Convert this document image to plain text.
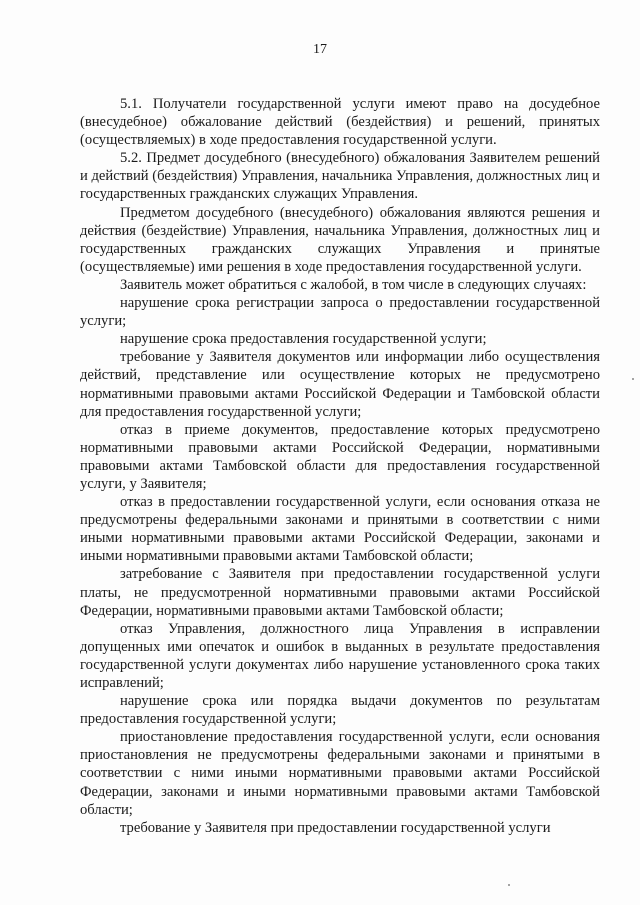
17

5.1. Получатели государственной услуги имеют право на досудебное (внесудебное) обжалование действий (бездействия) и решений, принятых (осуществляемых) в ходе предоставления государственной услуги.

5.2. Предмет досудебного (внесудебного) обжалования Заявителем решений и действий (бездействия) Управления, начальника Управления, должностных лиц и государственных гражданских служащих Управления.

Предметом досудебного (внесудебного) обжалования являются решения и действия (бездействие) Управления, начальника Управления, должностных лиц и государственных гражданских служащих Управления и принятые (осуществляемые) ими решения в ходе предоставления государственной услуги.

Заявитель может обратиться с жалобой, в том числе в следующих случаях:

нарушение срока регистрации запроса о предоставлении государственной услуги;

нарушение срока предоставления государственной услуги;

требование у Заявителя документов или информации либо осуществления действий, представление или осуществление которых не предусмотрено нормативными правовыми актами Российской Федерации и Тамбовской области для предоставления государственной услуги;

отказ в приеме документов, предоставление которых предусмотрено нормативными правовыми актами Российской Федерации, нормативными правовыми актами Тамбовской области для предоставления государственной услуги, у Заявителя;

отказ в предоставлении государственной услуги, если основания отказа не предусмотрены федеральными законами и принятыми в соответствии с ними иными нормативными правовыми актами Российской Федерации, законами и иными нормативными правовыми актами Тамбовской области;

затребование с Заявителя при предоставлении государственной услуги платы, не предусмотренной нормативными правовыми актами Российской Федерации, нормативными правовыми актами Тамбовской области;

отказ Управления, должностного лица Управления в исправлении допущенных ими опечаток и ошибок в выданных в результате предоставления государственной услуги документах либо нарушение установленного срока таких исправлений;

нарушение срока или порядка выдачи документов по результатам предоставления государственной услуги;

приостановление предоставления государственной услуги, если основания приостановления не предусмотрены федеральными законами и принятыми в соответствии с ними иными нормативными правовыми актами Российской Федерации, законами и иными нормативными правовыми актами Тамбовской области;

требование у Заявителя при предоставлении государственной услуги
